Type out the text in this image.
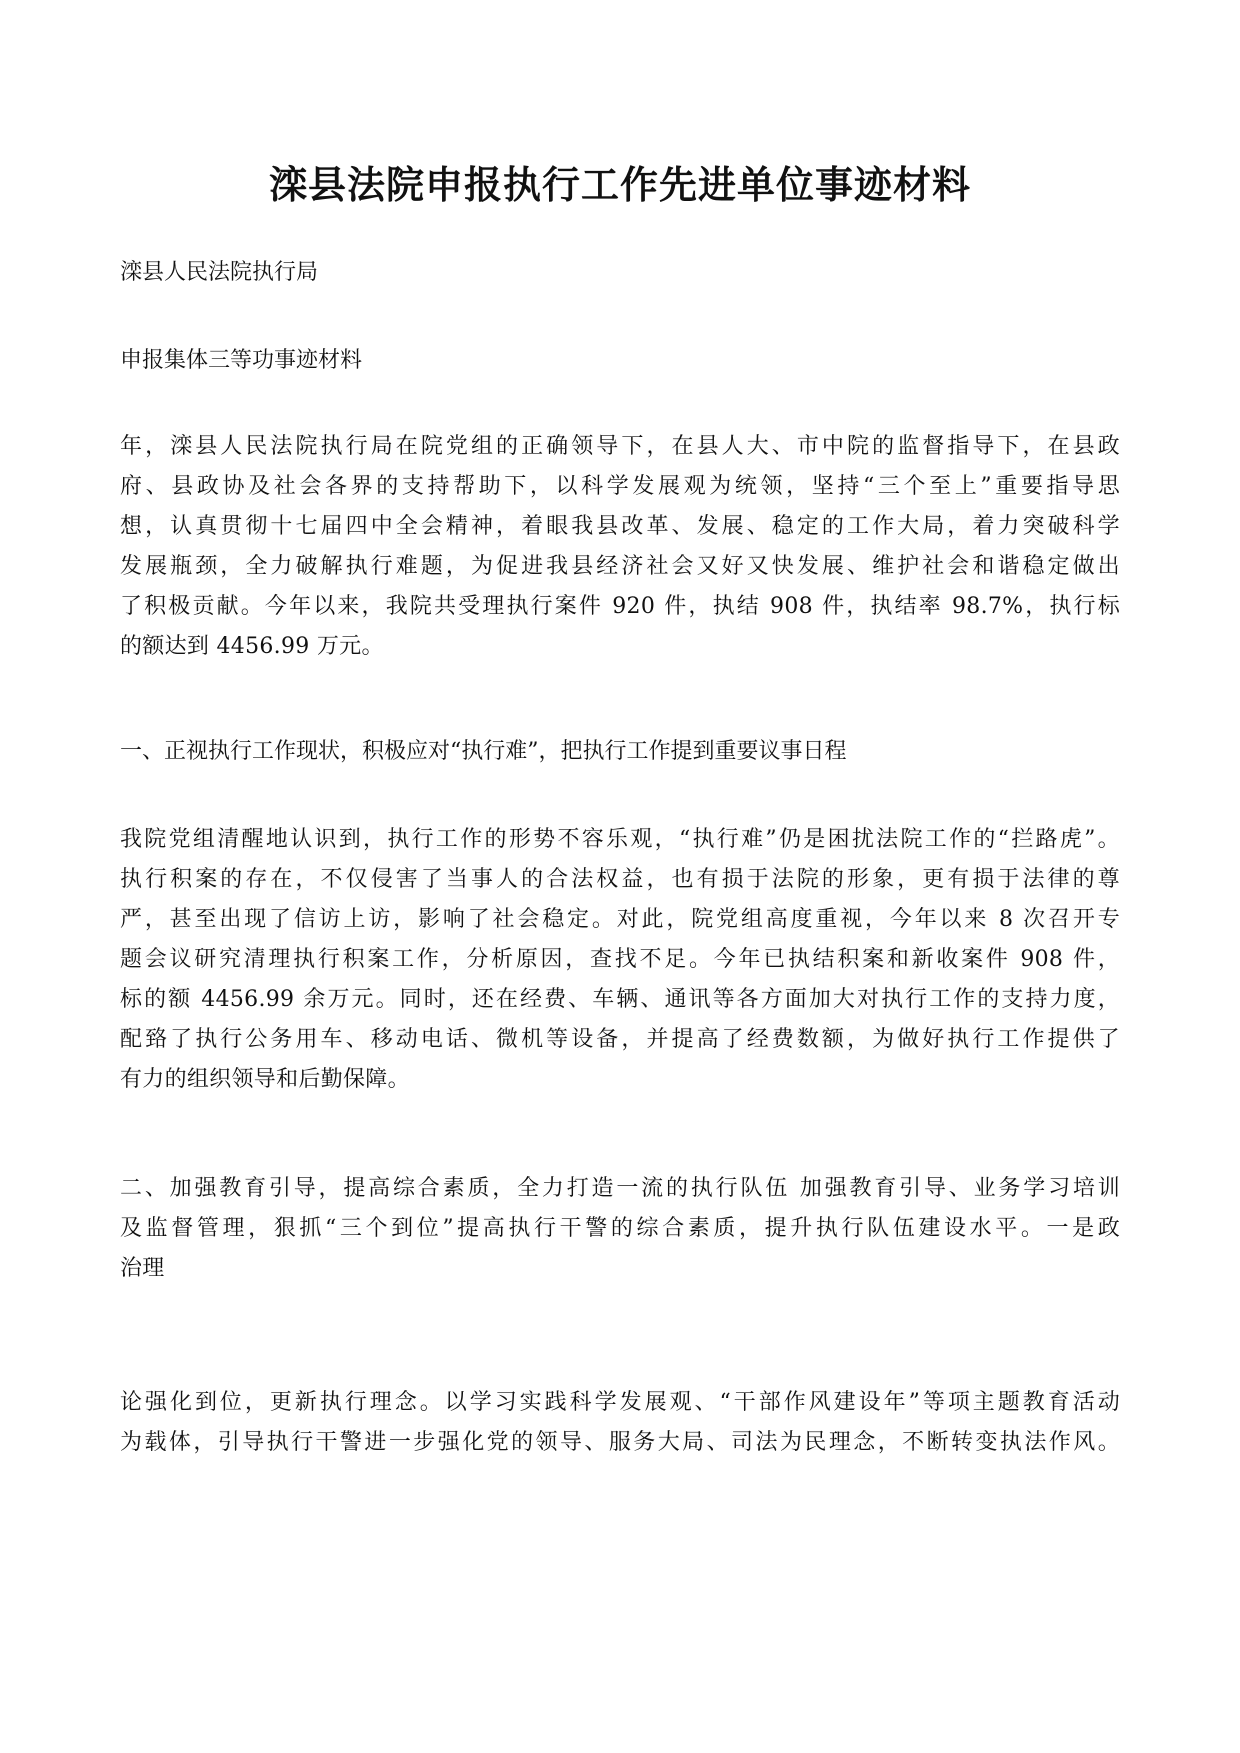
滦县法院申报执行工作先进单位事迹材料

滦县人民法院执行局

申报集体三等功事迹材料

年，滦县人民法院执行局在院党组的正确领导下，在县人大、市中院的监督指导下，在县政
府、县政协及社会各界的支持帮助下，以科学发展观为统领，坚持“三个至上”重要指导思
想，认真贯彻十七届四中全会精神，着眼我县改革、发展、稳定的工作大局，着力突破科学
发展瓶颈，全力破解执行难题，为促进我县经济社会又好又快发展、维护社会和谐稳定做出
了积极贡献。今年以来，我院共受理执行案件 920 件，执结 908 件，执结率 98.7%，执行标
的额达到 4456.99 万元。

一、正视执行工作现状，积极应对“执行难”，把执行工作提到重要议事日程

我院党组清醒地认识到，执行工作的形势不容乐观，“执行难”仍是困扰法院工作的“拦路虎”。
执行积案的存在，不仅侵害了当事人的合法权益，也有损于法院的形象，更有损于法律的尊
严，甚至出现了信访上访，影响了社会稳定。对此，院党组高度重视，今年以来 8 次召开专
题会议研究清理执行积案工作，分析原因，查找不足。今年已执结积案和新收案件 908 件，
标的额 4456.99 余万元。同时，还在经费、车辆、通讯等各方面加大对执行工作的支持力度，
配臵了执行公务用车、移动电话、微机等设备，并提高了经费数额，为做好执行工作提供了
有力的组织领导和后勤保障。
二、加强教育引导，提高综合素质，全力打造一流的执行队伍 加强教育引导、业务学习培训
及监督管理，狠抓“三个到位”提高执行干警的综合素质，提升执行队伍建设水平。一是政
治理
论强化到位，更新执行理念。以学习实践科学发展观、“干部作风建设年”等项主题教育活动
为载体，引导执行干警进一步强化党的领导、服务大局、司法为民理念，不断转变执法作风。
